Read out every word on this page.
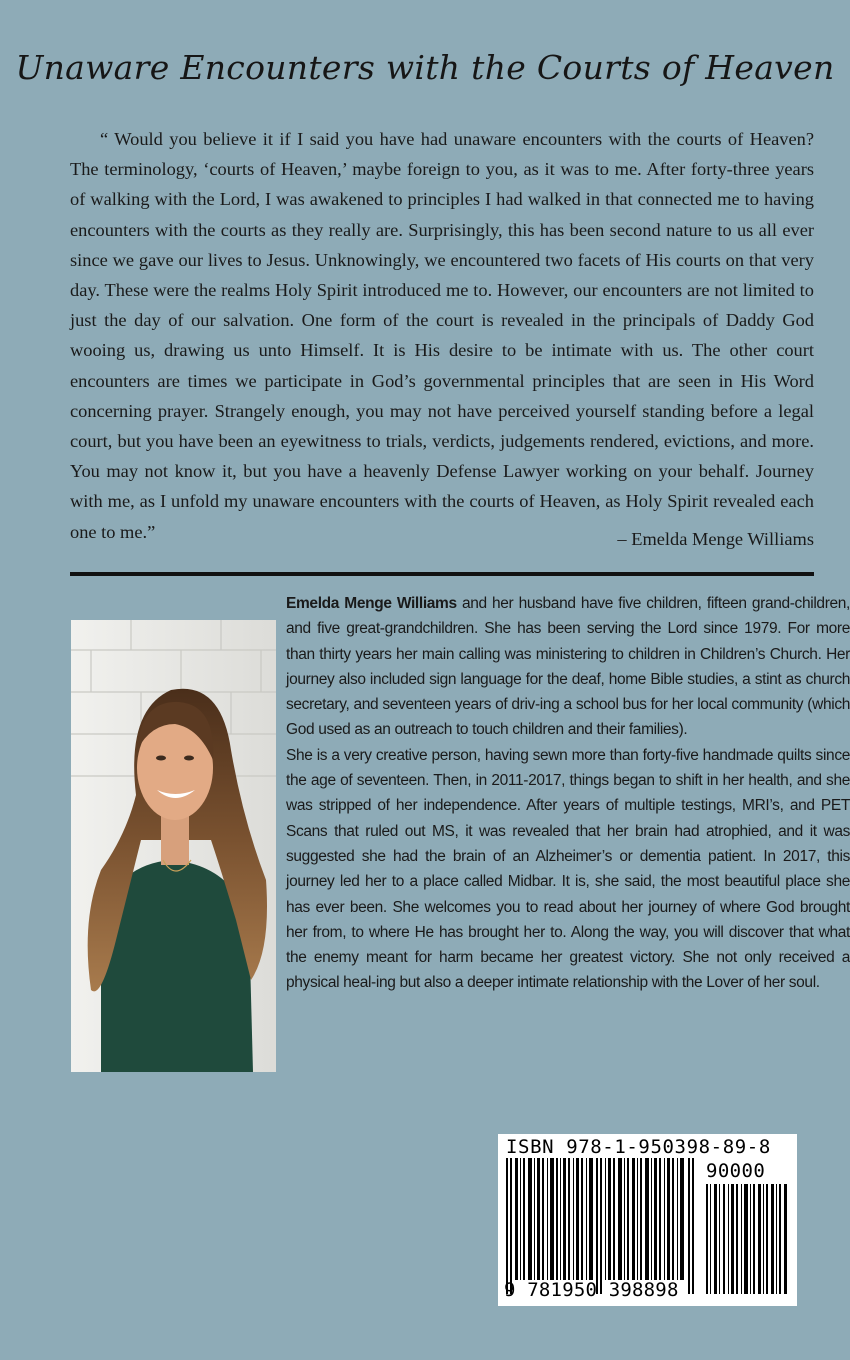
Unaware Encounters with the Courts of Heaven

“ Would you believe it if I said you have had unaware encounters with the courts of Heaven? The terminology, ‘courts of Heaven,’ maybe foreign to you, as it was to me. After forty-three years of walking with the Lord, I was awakened to principles I had walked in that connected me to having encounters with the courts as they really are. Surprisingly, this has been second nature to us all ever since we gave our lives to Jesus. Unknowingly, we encountered two facets of His courts on that very day. These were the realms Holy Spirit introduced me to. However, our encounters are not limited to just the day of our salvation. One form of the court is revealed in the principals of Daddy God wooing us, drawing us unto Himself. It is His desire to be intimate with us. The other court encounters are times we participate in God’s governmental principles that are seen in His Word concerning prayer. Strangely enough, you may not have perceived yourself standing before a legal court, but you have been an eyewitness to trials, verdicts, judgements rendered, evictions, and more. You may not know it, but you have a heavenly Defense Lawyer working on your behalf. Journey with me, as I unfold my unaware encounters with the courts of Heaven, as Holy Spirit revealed each one to me.”	– Emelda Menge Williams

Emelda Menge Williams and her husband have five children, fifteen grand-children, and five great-grandchildren. She has been serving the Lord since 1979. For more than thirty years her main calling was ministering to children in Children’s Church. Her journey also included sign language for the deaf, home Bible studies, a stint as church secretary, and seventeen years of driv-ing a school bus for her local community (which God used as an outreach to touch children and their families).

She is a very creative person, having sewn more than forty-five handmade quilts since the age of seventeen. Then, in 2011-2017, things began to shift in her health, and she was stripped of her independence. After years of multiple testings, MRI’s, and PET Scans that ruled out MS, it was revealed that her brain had atrophied, and it was suggested she had the brain of an Alzheimer’s or dementia patient. In 2017, this journey led her to a place called Midbar. It is, she said, the most beautiful place she has ever been. She welcomes you to read about her journey of where God brought her from, to where He has brought her to. Along the way, you will discover that what the enemy meant for harm became her greatest victory. She not only received a physical heal-ing but also a deeper intimate relationship with the Lover of her soul.

ISBN 978-1-950398-89-8
90000
9 781950 398898
